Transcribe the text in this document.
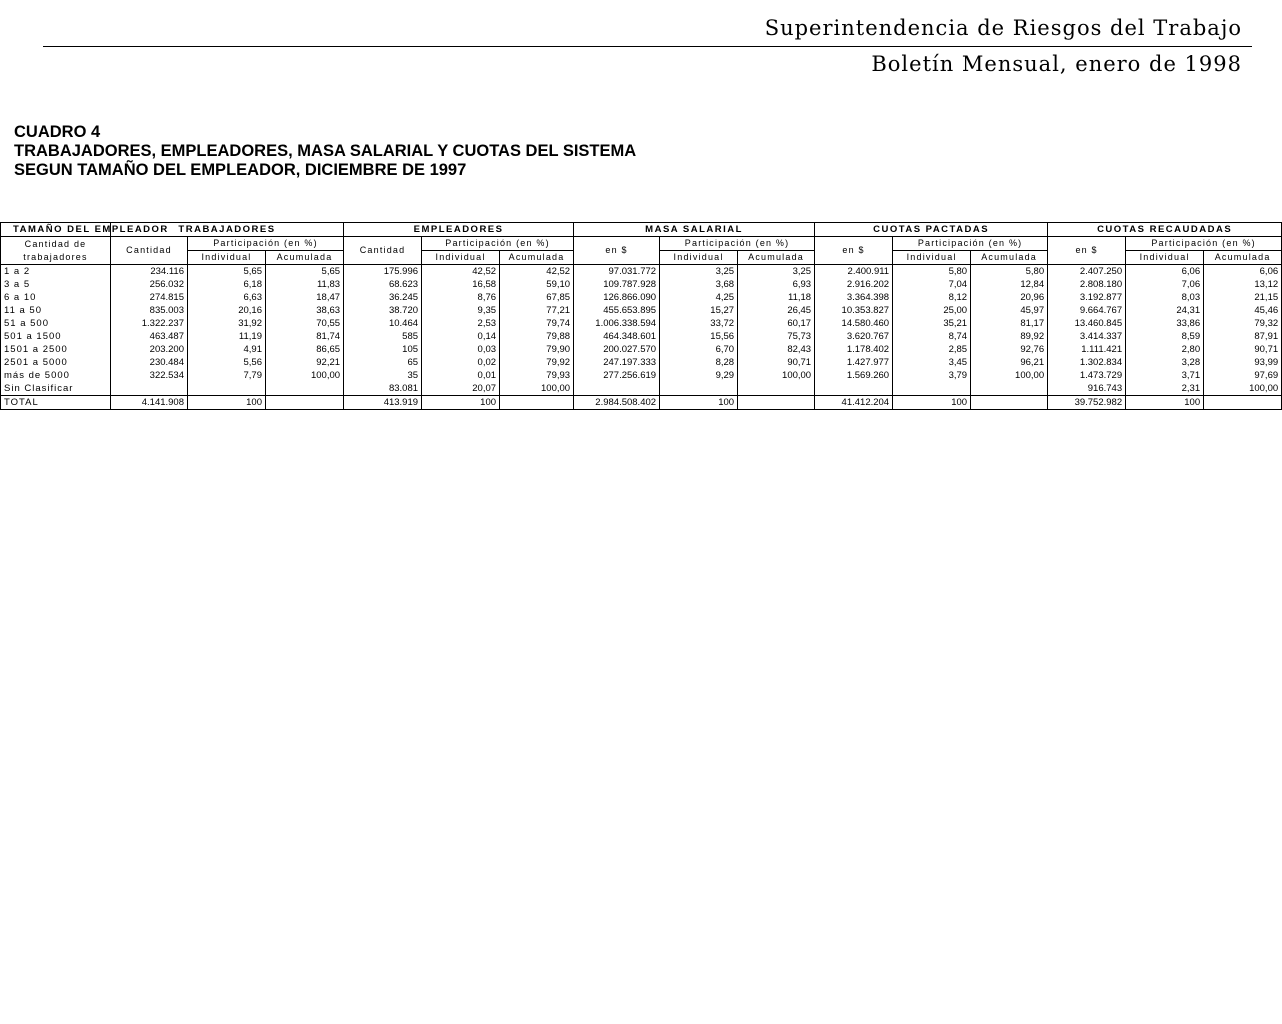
Superintendencia de Riesgos del Trabajo
Boletín Mensual, enero de 1998
CUADRO 4
TRABAJADORES, EMPLEADORES, MASA SALARIAL Y CUOTAS DEL SISTEMA
SEGUN TAMAÑO DEL EMPLEADOR, DICIEMBRE DE 1997
TAMAÑO DEL EMPLEADOR	TRABAJADORES			EMPLEADORES			MASA SALARIAL			CUOTAS PACTADAS			CUOTAS RECAUDADAS		
Cantidad de trabajadores	Cantidad	Participación (en %)		Cantidad	Participación (en %)		en $	Participación (en %)		en $	Participación (en %)		en $	Participación (en %)	
		Individual	Acumulada		Individual	Acumulada		Individual	Acumulada		Individual	Acumulada		Individual	Acumulada
1 a 2	234.116	5,65	5,65	175.996	42,52	42,52	97.031.772	3,25	3,25	2.400.911	5,80	5,80	2.407.250	6,06	6,06
3 a 5	256.032	6,18	11,83	68.623	16,58	59,10	109.787.928	3,68	6,93	2.916.202	7,04	12,84	2.808.180	7,06	13,12
6 a 10	274.815	6,63	18,47	36.245	8,76	67,85	126.866.090	4,25	11,18	3.364.398	8,12	20,96	3.192.877	8,03	21,15
11 a 50	835.003	20,16	38,63	38.720	9,35	77,21	455.653.895	15,27	26,45	10.353.827	25,00	45,97	9.664.767	24,31	45,46
51 a 500	1.322.237	31,92	70,55	10.464	2,53	79,74	1.006.338.594	33,72	60,17	14.580.460	35,21	81,17	13.460.845	33,86	79,32
501 a 1500	463.487	11,19	81,74	585	0,14	79,88	464.348.601	15,56	75,73	3.620.767	8,74	89,92	3.414.337	8,59	87,91
1501 a 2500	203.200	4,91	86,65	105	0,03	79,90	200.027.570	6,70	82,43	1.178.402	2,85	92,76	1.111.421	2,80	90,71
2501 a 5000	230.484	5,56	92,21	65	0,02	79,92	247.197.333	8,28	90,71	1.427.977	3,45	96,21	1.302.834	3,28	93,99
más de 5000	322.534	7,79	100,00	35	0,01	79,93	277.256.619	9,29	100,00	1.569.260	3,79	100,00	1.473.729	3,71	97,69
Sin Clasificar				83.081	20,07	100,00							916.743	2,31	100,00
TOTAL	4.141.908	100		413.919	100		2.984.508.402	100		41.412.204	100		39.752.982	100	
